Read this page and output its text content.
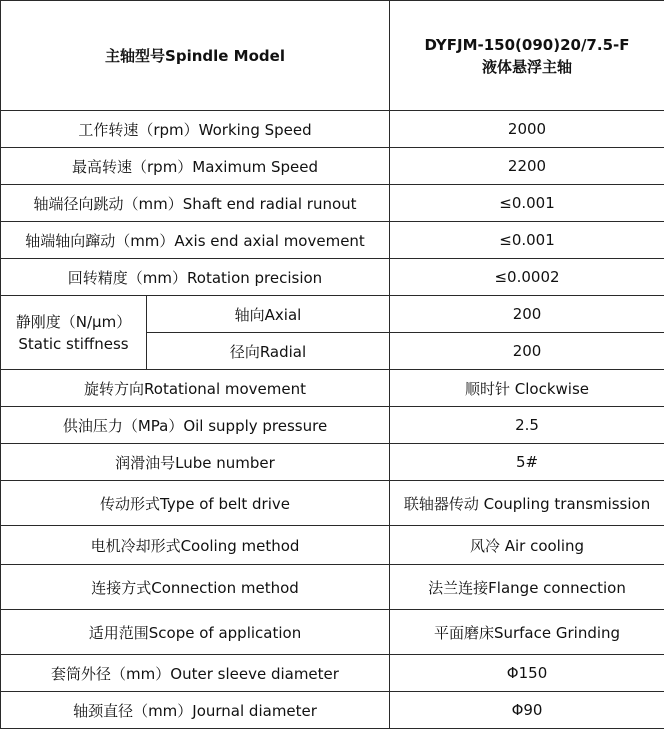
主轴型号Spindle Model		DYFJM-150(090)20/7.5-F
液体悬浮主轴

工作转速（rpm）Working Speed		2000
最高转速（rpm）Maximum Speed		2200
轴端径向跳动（mm）Shaft end radial runout		≤0.001
轴端轴向蹿动（mm）Axis end axial movement		≤0.001
回转精度（mm）Rotation precision		≤0.0002

静刚度（N/μm）
Static stiffness	轴向Axial	200
	径向Radial	200
旋转方向Rotational movement		顺时针 Clockwise
供油压力（MPa）Oil supply pressure		2.5
润滑油号Lube number		5#
传动形式Type of belt drive		联轴器传动 Coupling transmission
电机冷却形式Cooling method		风冷 Air cooling
连接方式Connection method		法兰连接Flange connection
适用范围Scope of application		平面磨床Surface Grinding
套筒外径（mm）Outer sleeve diameter		Φ150
轴颈直径（mm）Journal diameter		Φ90
